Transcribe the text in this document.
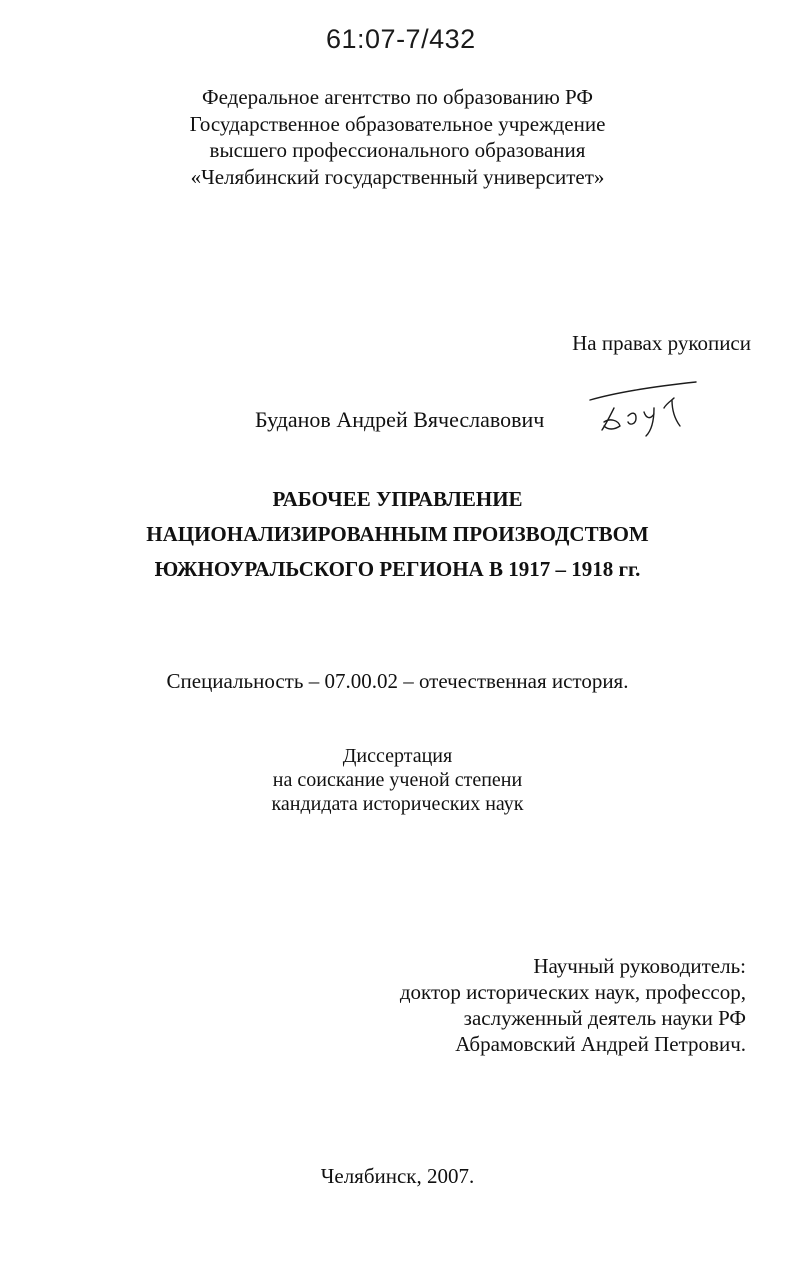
61:07-7/432
Федеральное агентство по образованию РФ
Государственное образовательное учреждение
высшего профессионального образования
«Челябинский государственный университет»
На правах рукописи
Буданов Андрей Вячеславович
РАБОЧЕЕ УПРАВЛЕНИЕ
НАЦИОНАЛИЗИРОВАННЫМ ПРОИЗВОДСТВОМ
ЮЖНОУРАЛЬСКОГО РЕГИОНА В 1917 – 1918 гг.
Специальность – 07.00.02 – отечественная история.
Диссертация
на соискание ученой степени
кандидата исторических наук
Научный руководитель:
доктор исторических наук, профессор,
заслуженный деятель науки РФ
Абрамовский Андрей Петрович.
Челябинск, 2007.
